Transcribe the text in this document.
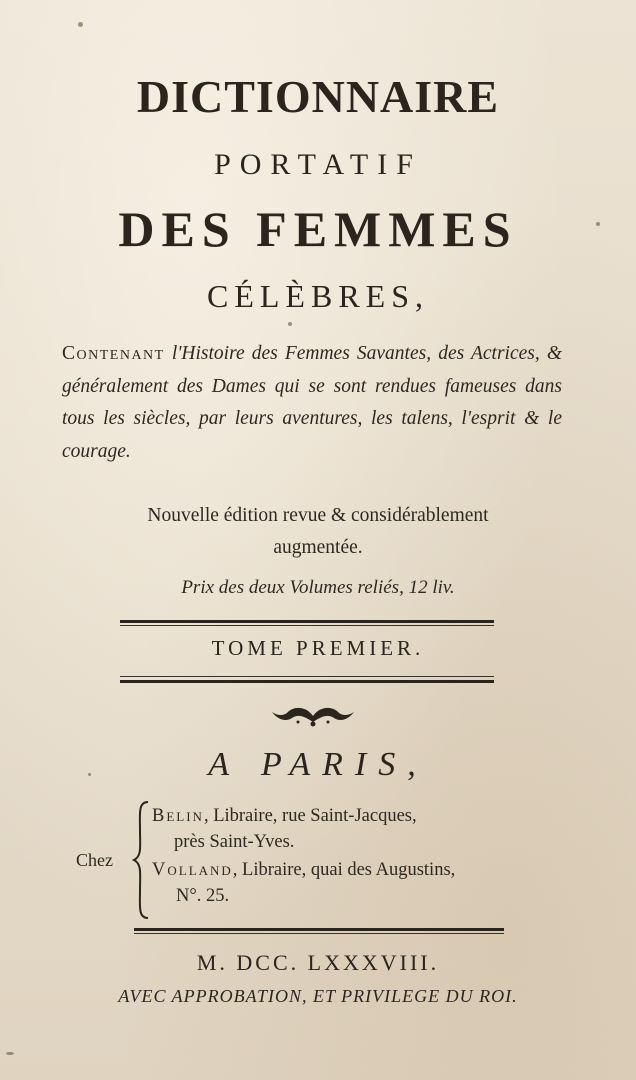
DICTIONNAIRE
PORTATIF
DES FEMMES
CÉLÈBRES,
Contenant l'Histoire des Femmes Savantes, des Actrices, & généralement des Dames qui se sont rendues fameuses dans tous les siècles, par leurs aventures, les talens, l'esprit & le courage.
Nouvelle édition revue & considérablement
augmentée.
Prix des deux Volumes reliés, 12 liv.
TOME PREMIER.
A PARIS,
Chez
Belin, Libraire, rue Saint-Jacques,
près Saint-Yves.
Volland, Libraire, quai des Augustins,
N°. 25.
M. DCC. LXXXVIII.
AVEC APPROBATION, ET PRIVILEGE DU ROI.
